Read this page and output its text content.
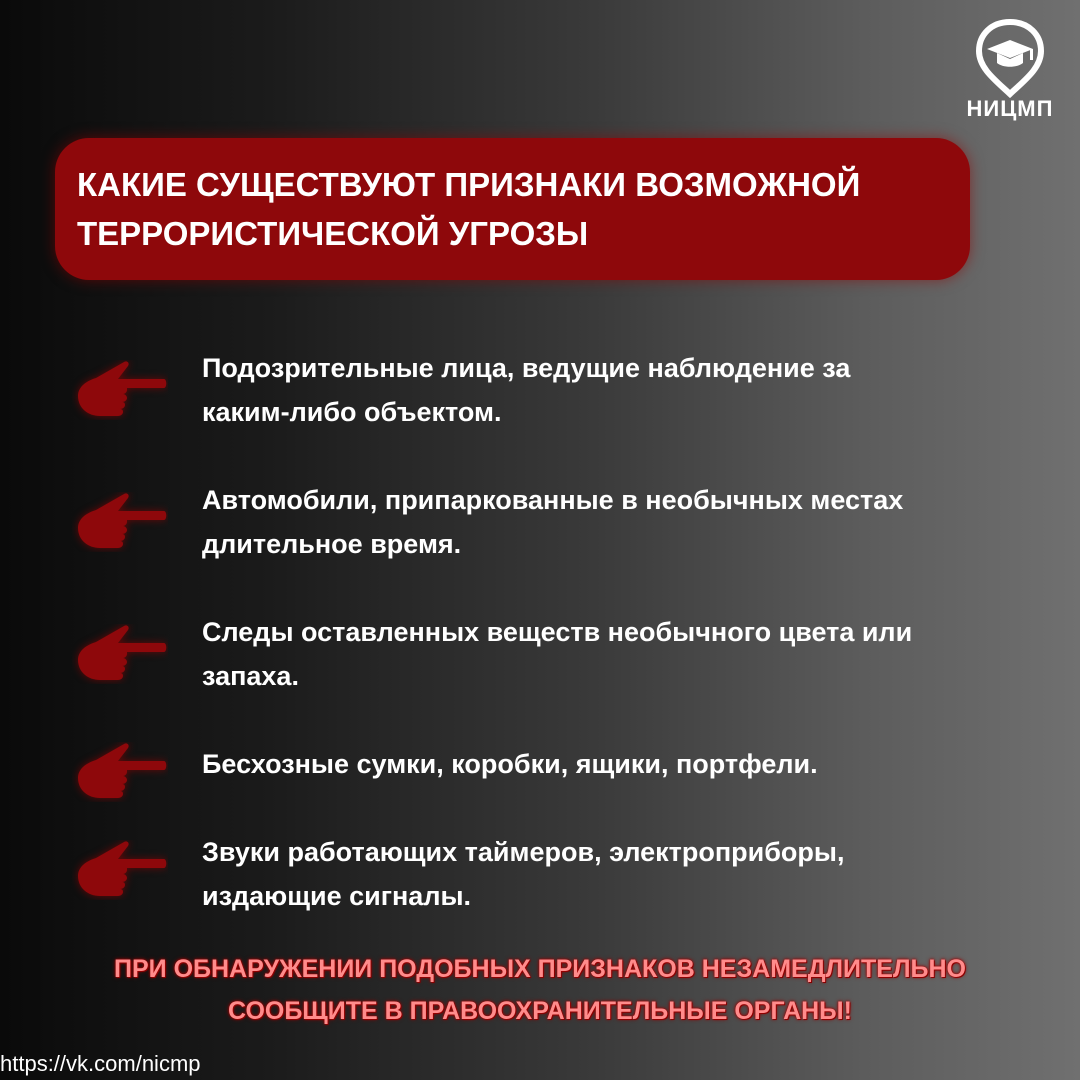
НИЦМП
КАКИЕ СУЩЕСТВУЮТ ПРИЗНАКИ ВОЗМОЖНОЙ
ТЕРРОРИСТИЧЕСКОЙ УГРОЗЫ
Подозрительные лица, ведущие наблюдение за
каким-либо объектом.
Автомобили, припаркованные в необычных местах
длительное время.
Следы оставленных веществ необычного цвета или
запаха.
Бесхозные сумки, коробки, ящики, портфели.
Звуки работающих таймеров, электроприборы,
издающие сигналы.
ПРИ ОБНАРУЖЕНИИ ПОДОБНЫХ ПРИЗНАКОВ НЕЗАМЕДЛИТЕЛЬНО
СООБЩИТЕ В ПРАВООХРАНИТЕЛЬНЫЕ ОРГАНЫ!
https://vk.com/nicmp
